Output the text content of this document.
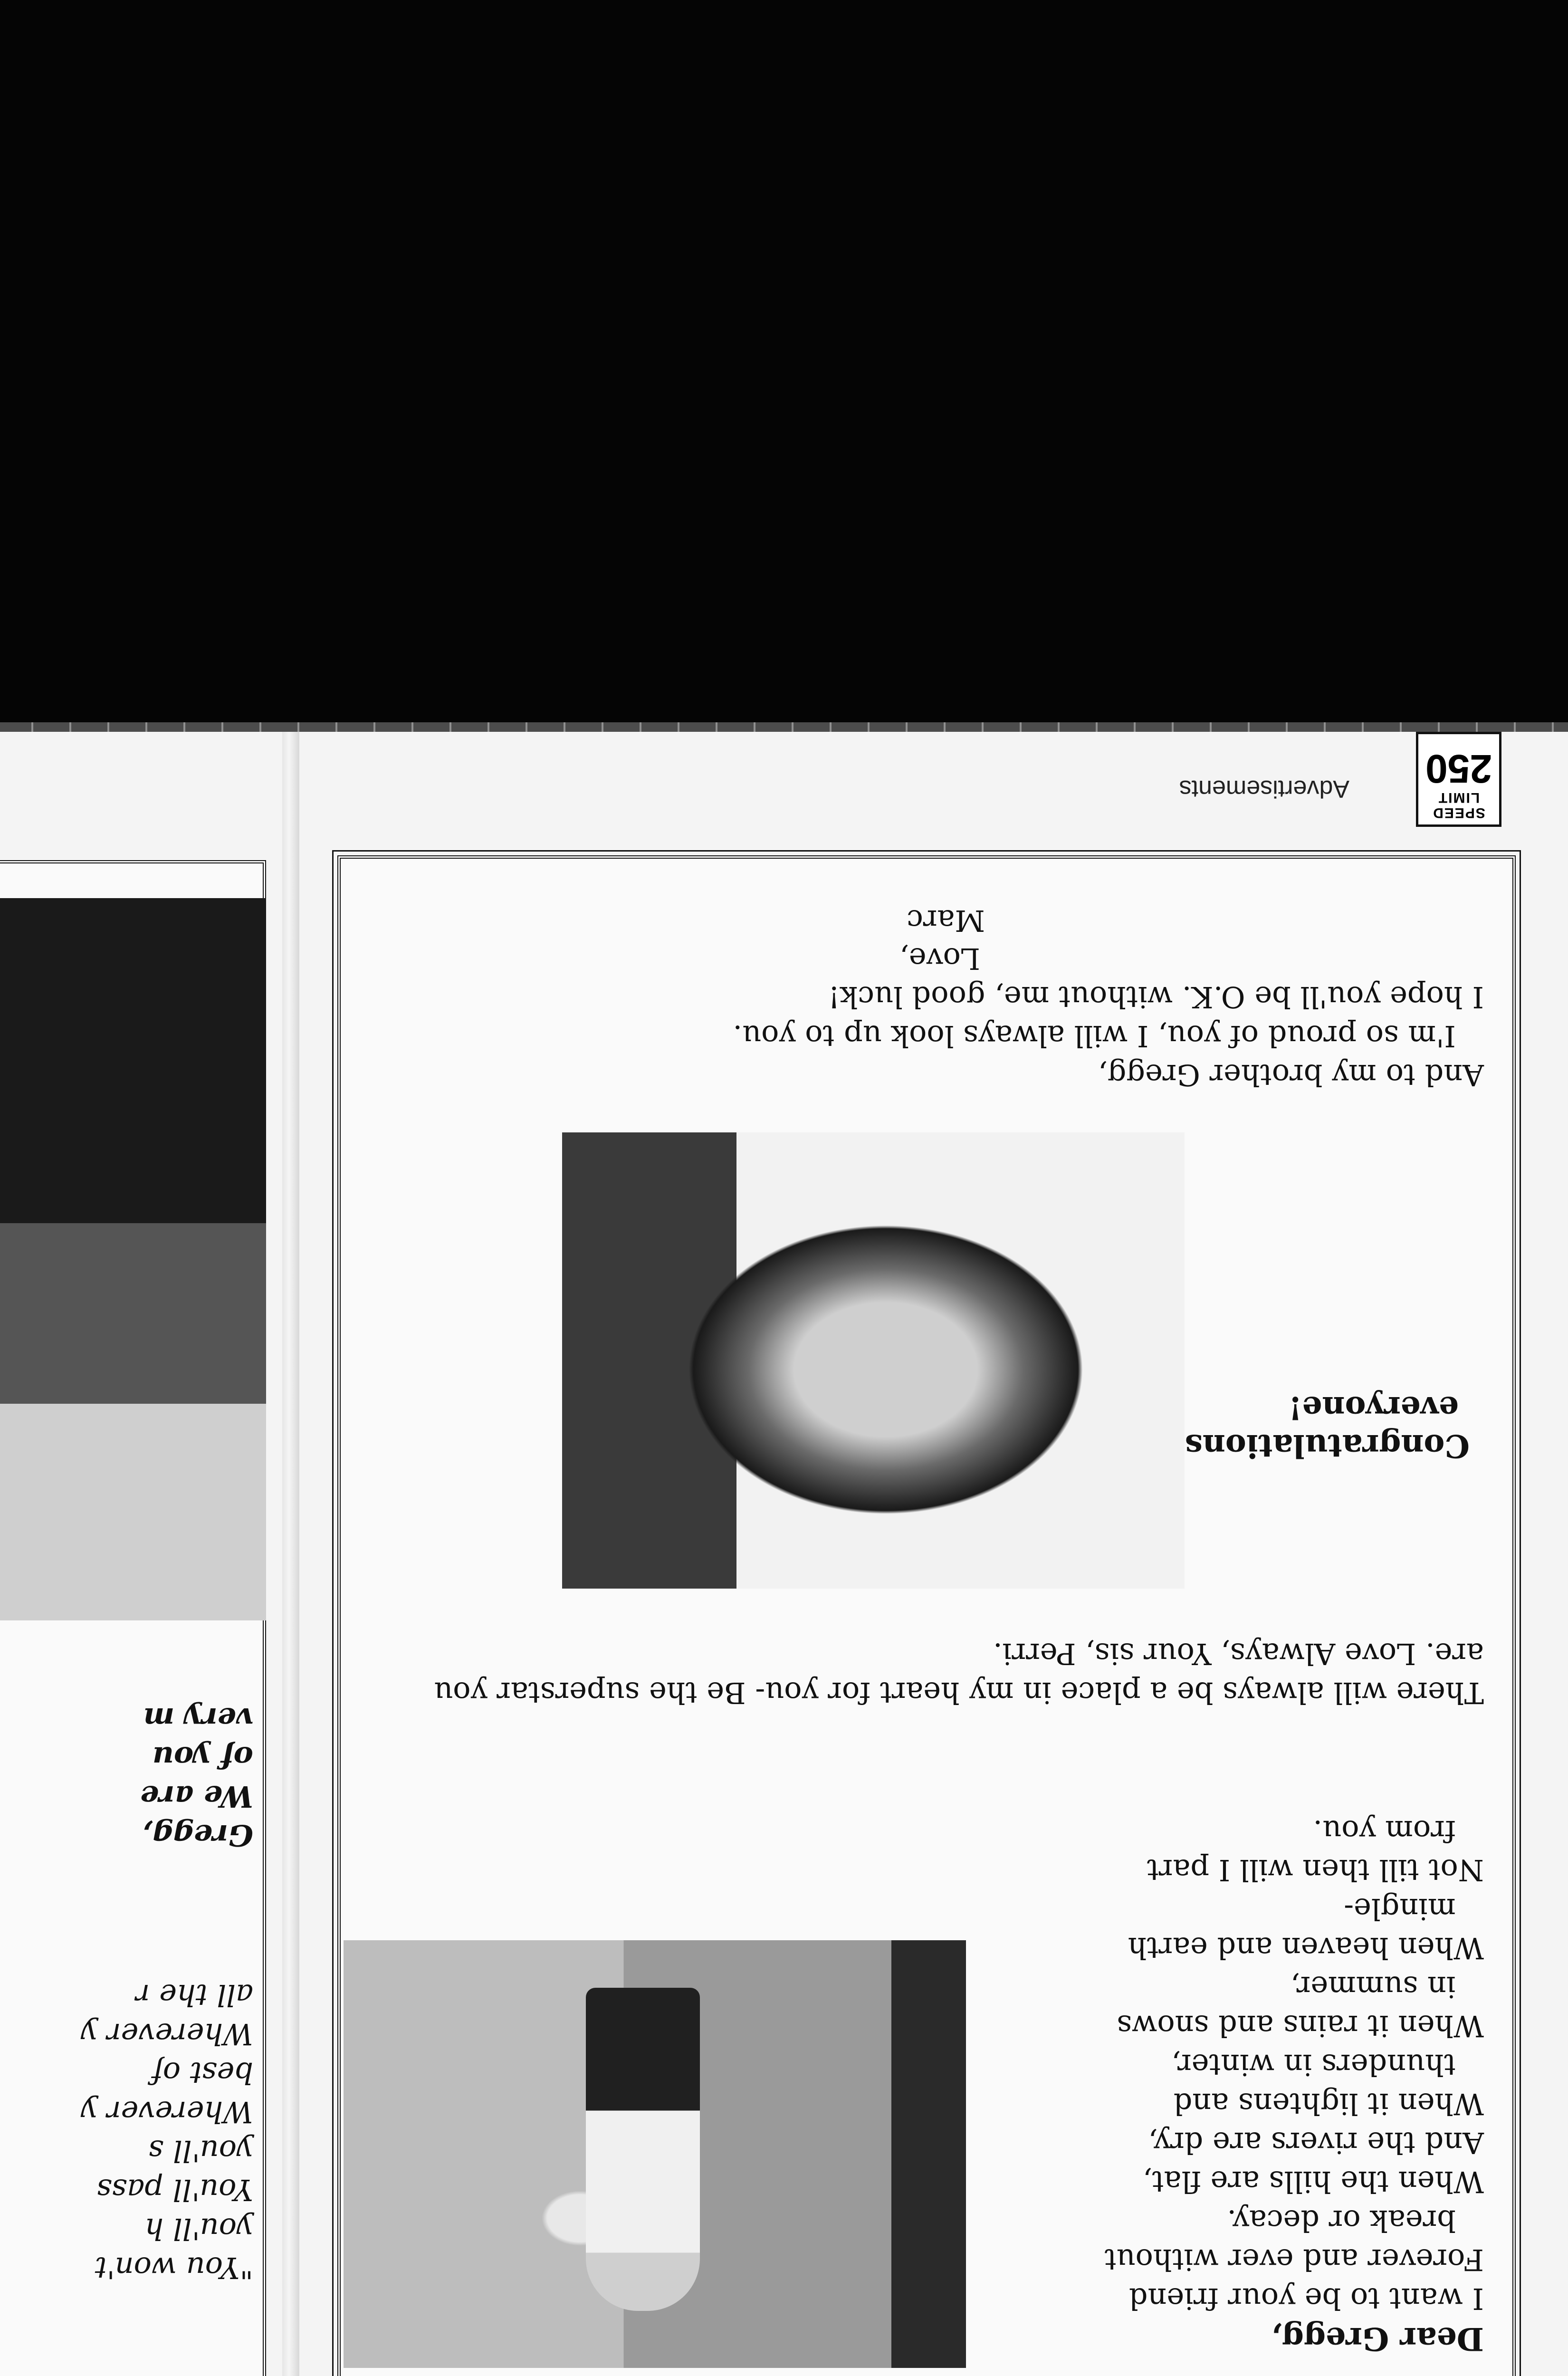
Dear Gregg,
I want to be your friend
Forever and ever without
break or decay.
When the hills are flat,
And the rivers are dry,
When it lightens and
thunders in winter,
When it rains and snows
in summer,
When heaven and earth
mingle-
Not till then will I part
from you.
There will always be a place in my heart for you- Be the superstar you are. Love Always, Your sis, Perri.
Congratulations
everyone!
And to my brother Gregg,
I'm so proud of you, I will always look up to you.
I hope you'll be O.K. without me, good luck!
Love,
Marc
SPEED
LIMIT
250
Advertisements
"You won't
you'll h
You'll pass
you'll s
Wherever y
best of
Wherever y
all the r
Gregg,
We are
of you
very m
